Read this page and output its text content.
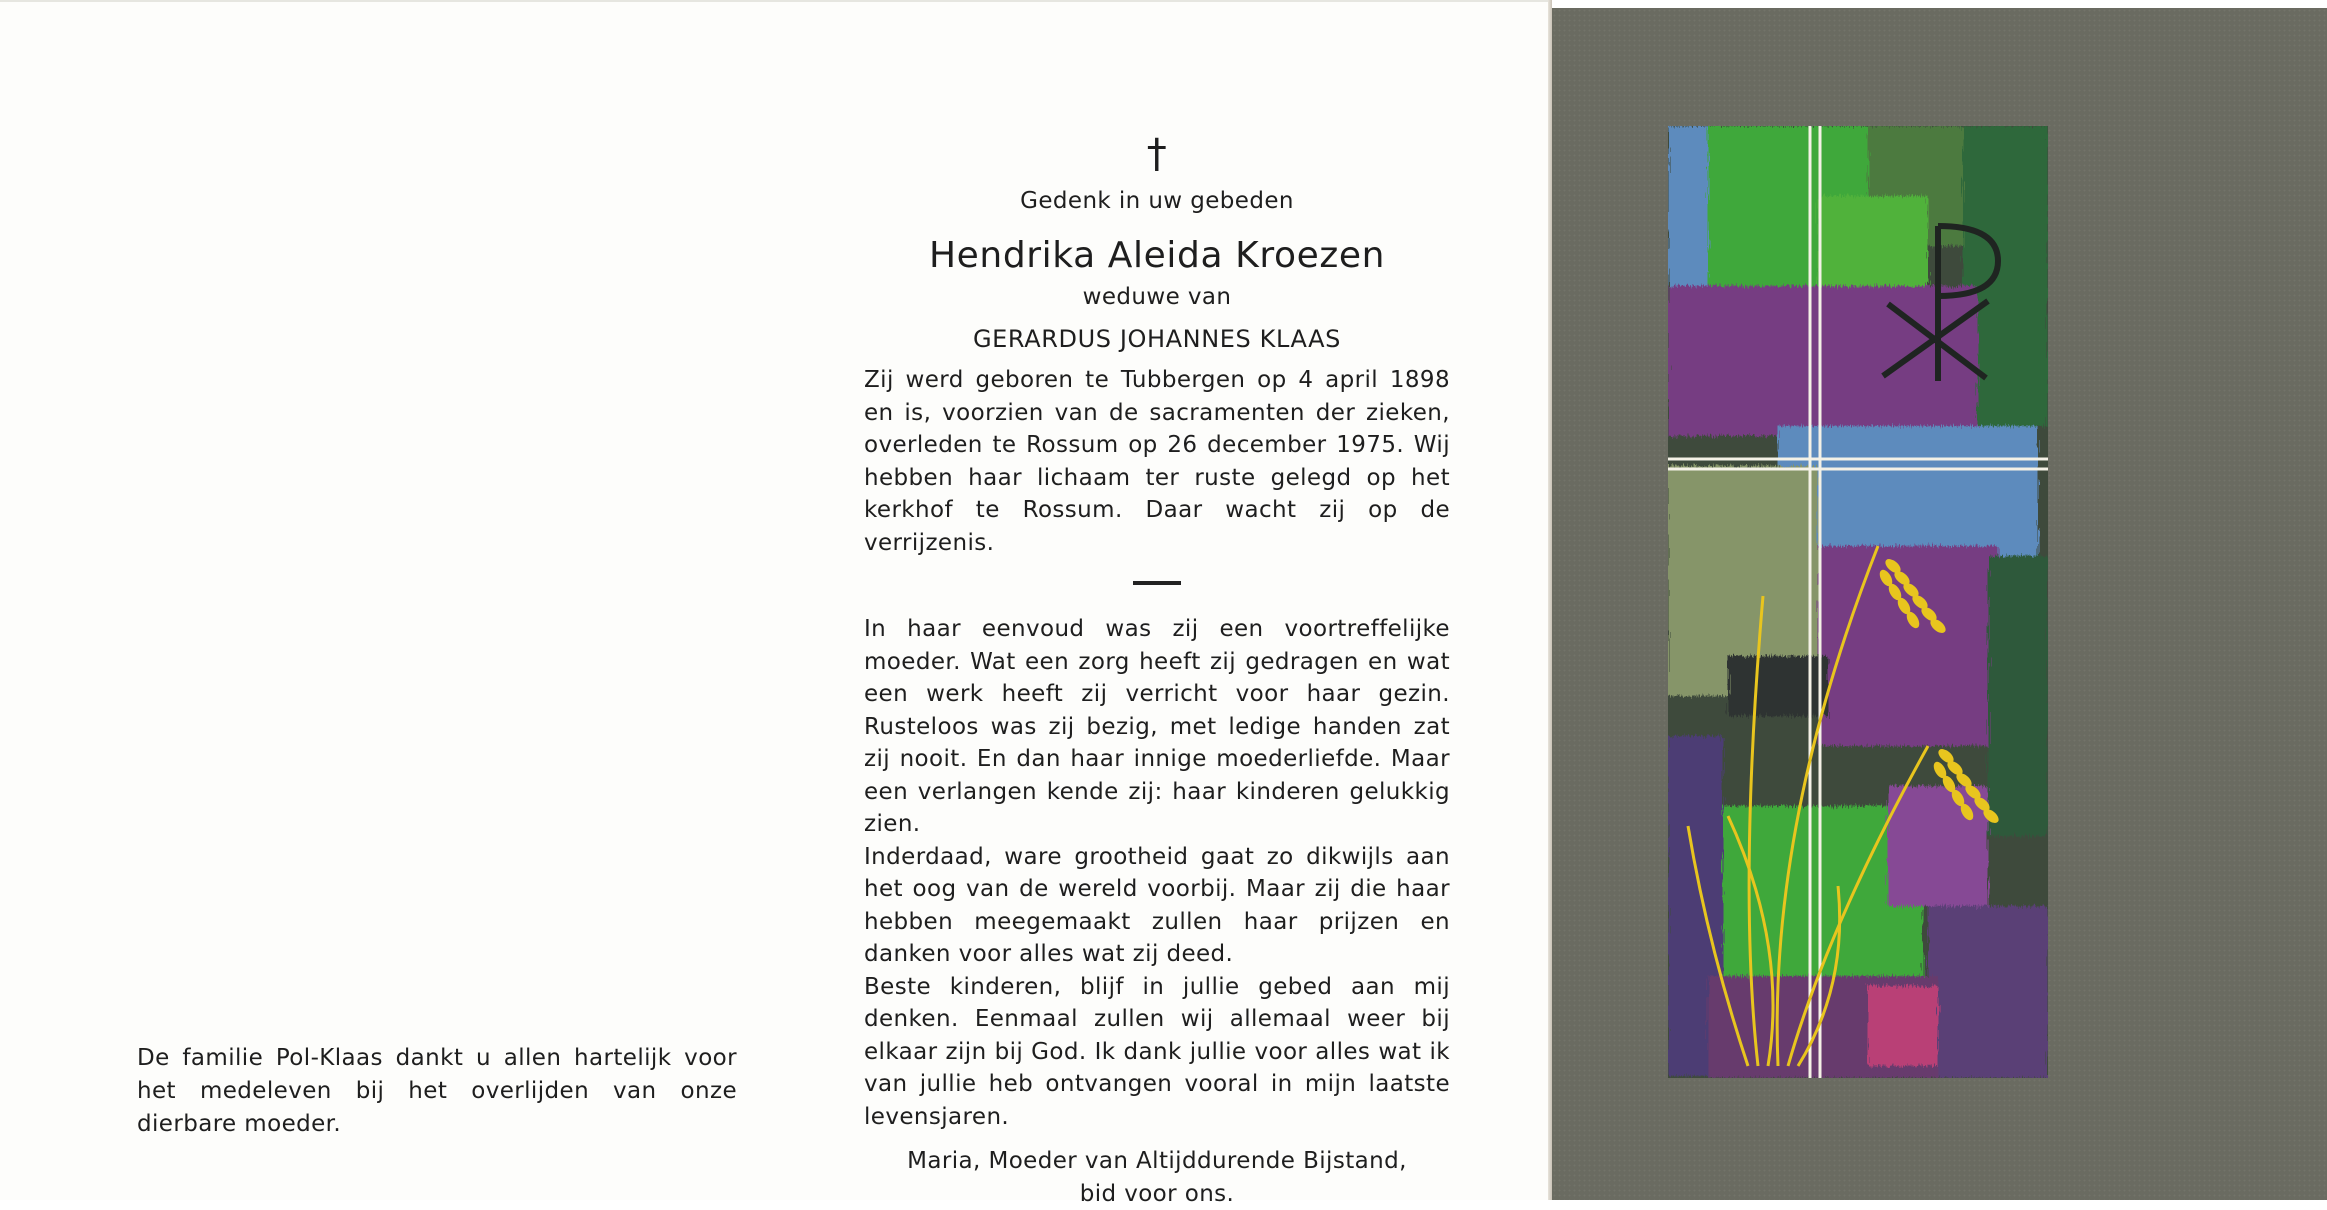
De familie Pol-Klaas dankt u allen hartelijk voor het medeleven bij het overlijden van onze dierbare moeder.
†
Gedenk in uw gebeden
Hendrika Aleida Kroezen
weduwe van
GERARDUS JOHANNES KLAAS
Zij werd geboren te Tubbergen op 4 april 1898 en is, voorzien van de sacramenten der zieken, overleden te Rossum op 26 december 1975. Wij hebben haar lichaam ter ruste gelegd op het kerkhof te Rossum. Daar wacht zij op de verrijzenis.
In haar eenvoud was zij een voortreffelijke moeder. Wat een zorg heeft zij gedragen en wat een werk heeft zij verricht voor haar gezin. Rusteloos was zij bezig, met ledige handen zat zij nooit. En dan haar innige moederliefde. Maar een verlangen kende zij: haar kinderen gelukkig zien.
Inderdaad, ware grootheid gaat zo dikwijls aan het oog van de wereld voorbij. Maar zij die haar hebben meegemaakt zullen haar prijzen en danken voor alles wat zij deed.
Beste kinderen, blijf in jullie gebed aan mij denken. Eenmaal zullen wij allemaal weer bij elkaar zijn bij God. Ik dank jullie voor alles wat ik van jullie heb ontvangen vooral in mijn laatste levensjaren.
Maria, Moeder van Altijddurende Bijstand,
bid voor ons.
